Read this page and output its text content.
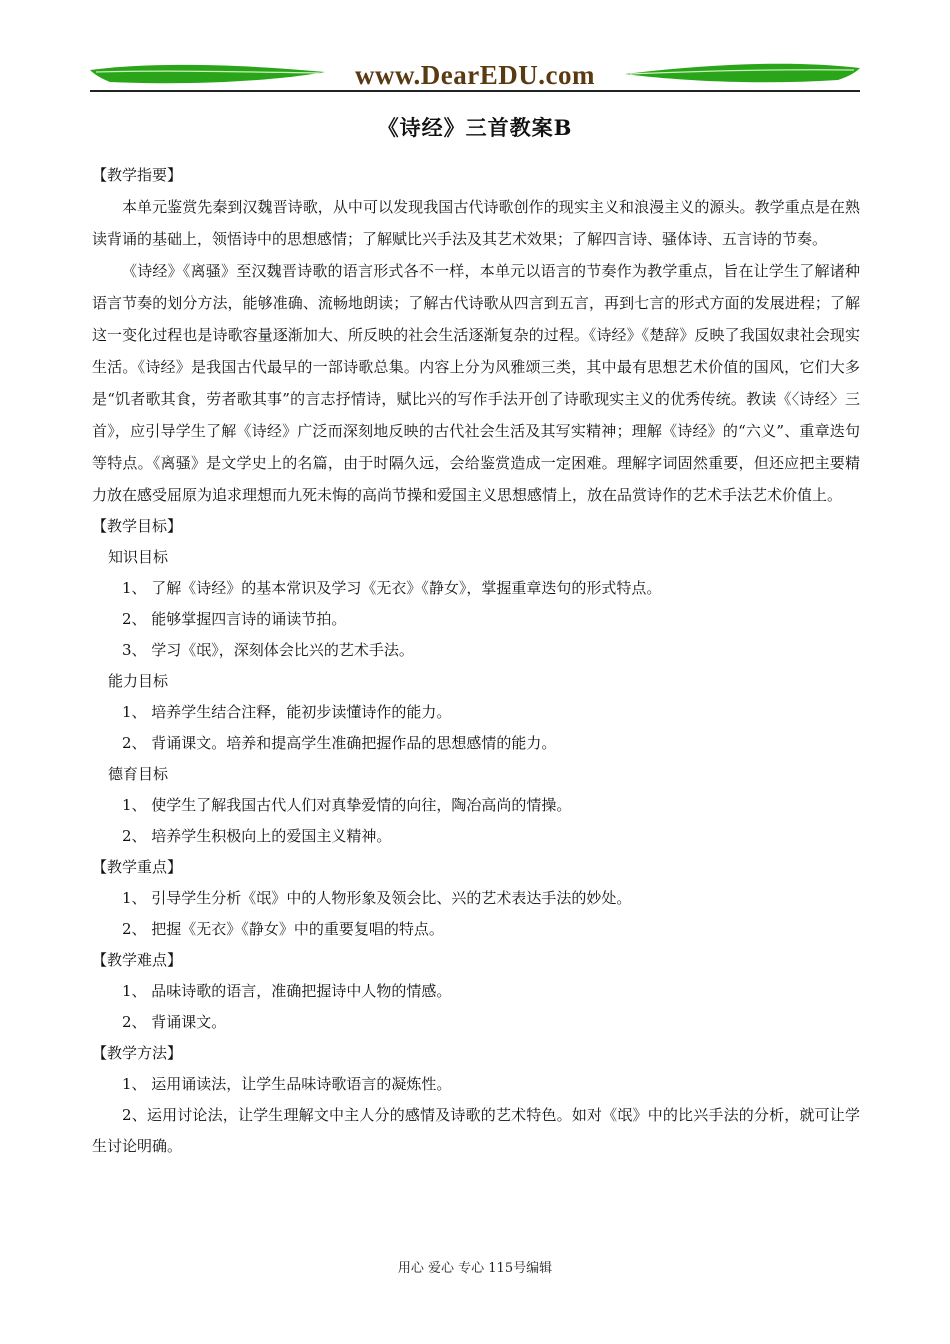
www.DearEDU.com
《诗经》三首教案B

【教学指要】

本单元鉴赏先秦到汉魏晋诗歌，从中可以发现我国古代诗歌创作的现实主义和浪漫主义的源头。教学重点是在熟读背诵的基础上，领悟诗中的思想感情；了解赋比兴手法及其艺术效果；了解四言诗、骚体诗、五言诗的节奏。

《诗经》《离骚》至汉魏晋诗歌的语言形式各不一样，本单元以语言的节奏作为教学重点，旨在让学生了解诸种语言节奏的划分方法，能够准确、流畅地朗读；了解古代诗歌从四言到五言，再到七言的形式方面的发展进程；了解这一变化过程也是诗歌容量逐渐加大、所反映的社会生活逐渐复杂的过程。《诗经》《楚辞》反映了我国奴隶社会现实生活。《诗经》是我国古代最早的一部诗歌总集。内容上分为风雅颂三类，其中最有思想艺术价值的国风，它们大多是“饥者歌其食，劳者歌其事”的言志抒情诗，赋比兴的写作手法开创了诗歌现实主义的优秀传统。教读《〈诗经〉三首》，应引导学生了解《诗经》广泛而深刻地反映的古代社会生活及其写实精神；理解《诗经》的“六义”、重章迭句等特点。《离骚》是文学史上的名篇，由于时隔久远，会给鉴赏造成一定困难。理解字词固然重要，但还应把主要精力放在感受屈原为追求理想而九死未悔的高尚节操和爱国主义思想感情上，放在品赏诗作的艺术手法艺术价值上。

【教学目标】

知识目标

1、 了解《诗经》的基本常识及学习《无衣》《静女》，掌握重章迭句的形式特点。

2、 能够掌握四言诗的诵读节拍。

3、 学习《氓》，深刻体会比兴的艺术手法。

能力目标

1、 培养学生结合注释，能初步读懂诗作的能力。

2、 背诵课文。培养和提高学生准确把握作品的思想感情的能力。

德育目标

1、 使学生了解我国古代人们对真挚爱情的向往，陶冶高尚的情操。

2、 培养学生积极向上的爱国主义精神。

【教学重点】

1、 引导学生分析《氓》中的人物形象及领会比、兴的艺术表达手法的妙处。

2、 把握《无衣》《静女》中的重要复唱的特点。

【教学难点】

1、 品味诗歌的语言，准确把握诗中人物的情感。

2、 背诵课文。

【教学方法】

1、 运用诵读法，让学生品味诗歌语言的凝炼性。

2、运用讨论法，让学生理解文中主人分的感情及诗歌的艺术特色。如对《氓》中的比兴手法的分析，就可让学生讨论明确。

用心 爱心 专心 115号编辑
